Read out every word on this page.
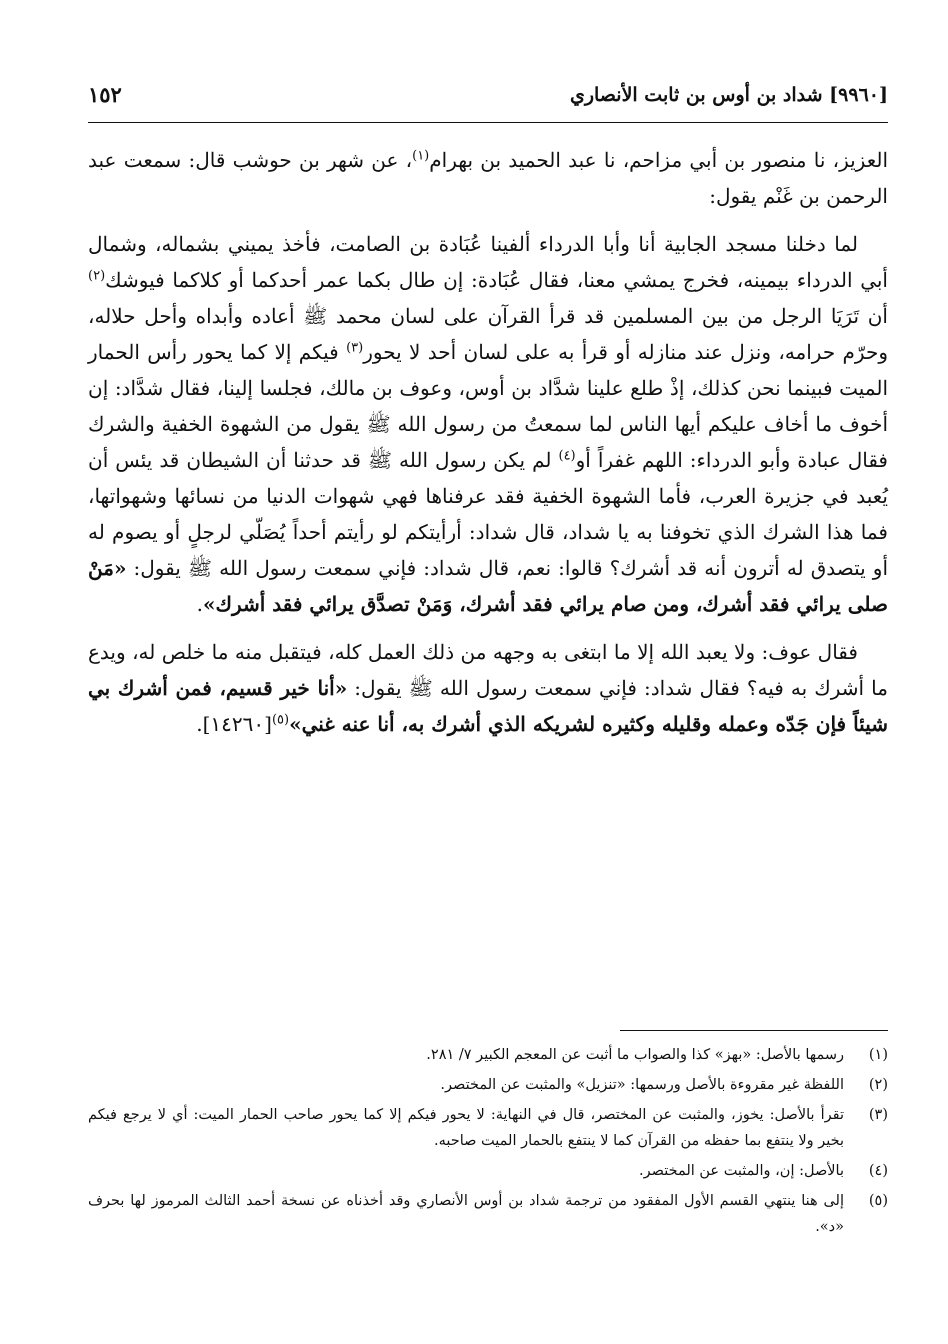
[٩٩٦٠] شداد بن أوس بن ثابت الأنصاري
١٥٢

العزيز، نا منصور بن أبي مزاحم، نا عبد الحميد بن بهرام$^{(١)}$، عن شهر بن حوشب قال: سمعت عبد الرحمن بن غَنْم يقول:

لما دخلنا مسجد الجابية أنا وأبا الدرداء ألفينا عُبَادة بن الصامت، فأخذ يميني بشماله، وشمال أبي الدرداء بيمينه، فخرج يمشي معنا، فقال عُبَادة: إن طال بكما عمر أحدكما أو كلاكما فيوشك$^{(٢)}$ أن تَرَيَا الرجل من بين المسلمين قد قرأ القرآن على لسان محمد ﷺ أعاده وأبداه وأحل حلاله، وحرّم حرامه، ونزل عند منازله أو قرأ به على لسان أحد لا يحور$^{(٣)}$ فيكم إلا كما يحور رأس الحمار الميت فبينما نحن كذلك، إذْ طلع علينا شدَّاد بن أوس، وعوف بن مالك، فجلسا إلينا، فقال شدَّاد: إن أخوف ما أخاف عليكم أيها الناس لما سمعتُ من رسول الله ﷺ يقول من الشهوة الخفية والشرك فقال عبادة وأبو الدرداء: اللهم غفراً أو$^{(٤)}$ لم يكن رسول الله ﷺ قد حدثنا أن الشيطان قد يئس أن يُعبد في جزيرة العرب، فأما الشهوة الخفية فقد عرفناها فهي شهوات الدنيا من نسائها وشهواتها، فما هذا الشرك الذي تخوفنا به يا شداد، قال شداد: أرأيتكم لو رأيتم أحداً يُصَلّي لرجلٍ أو يصوم له أو يتصدق له أترون أنه قد أشرك؟ قالوا: نعم، قال شداد: فإني سمعت رسول الله ﷺ يقول: «مَنْ صلى يرائي فقد أشرك، ومن صام يرائي فقد أشرك، وَمَنْ تصدَّق يرائي فقد أشرك».

فقال عوف: ولا يعبد الله إلا ما ابتغى به وجهه من ذلك العمل كله، فيتقبل منه ما خلص له، ويدع ما أشرك به فيه؟ فقال شداد: فإني سمعت رسول الله ﷺ يقول: «أنا خير قسيم، فمن أشرك بي شيئاً فإن جَدّه وعمله وقليله وكثيره لشريكه الذي أشرك به، أنا عنه غني»$^{(٥)}$[١٤٢٦٠].

(١)
رسمها بالأصل: «بهز» كذا والصواب ما أثبت عن المعجم الكبير ٧/ ٢٨١.
(٢)
اللفظة غير مقروءة بالأصل ورسمها: «تنزيل» والمثبت عن المختصر.
(٣)
تقرأ بالأصل: يخوز، والمثبت عن المختصر، قال في النهاية: لا يحور فيكم إلا كما يحور صاحب الحمار الميت: أي لا يرجع فيكم بخير ولا ينتفع بما حفظه من القرآن كما لا ينتفع بالحمار الميت صاحبه.
(٤)
بالأصل: إن، والمثبت عن المختصر.
(٥)
إلى هنا ينتهي القسم الأول المفقود من ترجمة شداد بن أوس الأنصاري وقد أخذناه عن نسخة أحمد الثالث المرموز لها بحرف «د».
